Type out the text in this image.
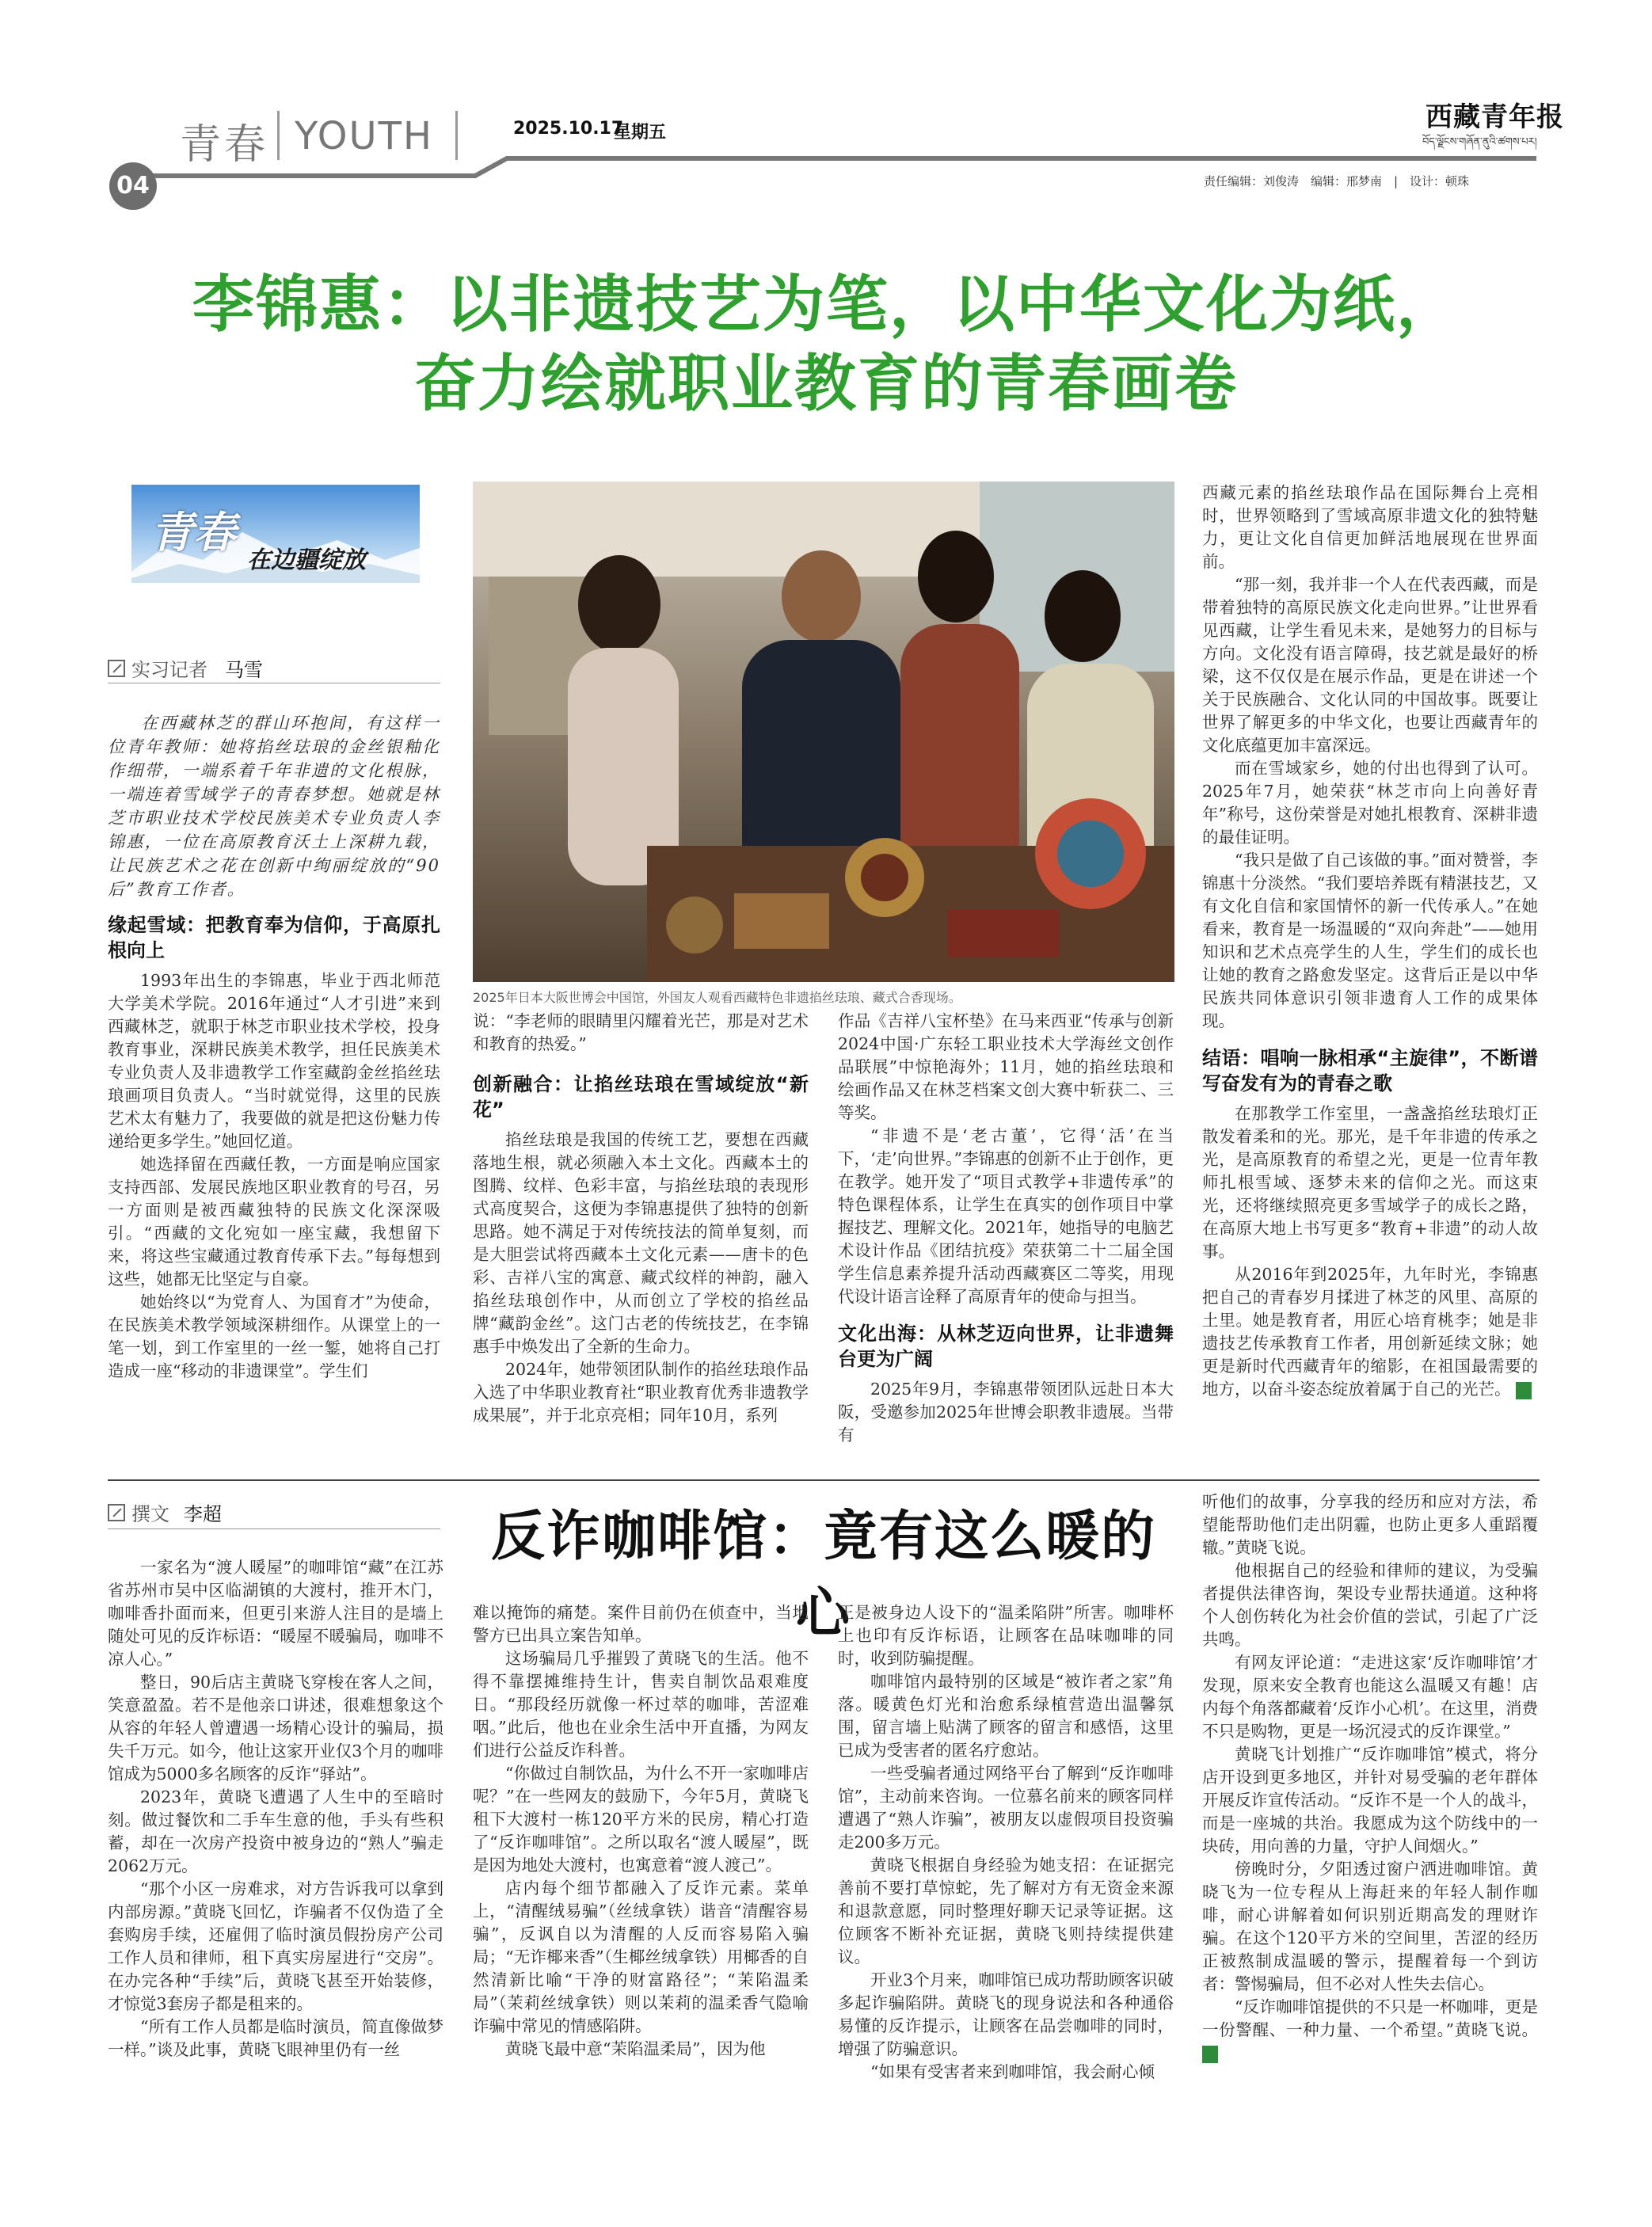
青春 YOUTH	2025.10.17
星期五	西藏青年报
བོད་ལྗོངས་གཞོན་ནུའི་ཚགས་པར།
04	责任编辑：刘俊涛　编辑：邢梦南　|　设计：顿珠
李锦惠：以非遗技艺为笔，以中华文化为纸，
奋力绘就职业教育的青春画卷
青春
在边疆绽放
实习记者 马雪

在西藏林芝的群山环抱间，有这样一位青年教师：她将掐丝珐琅的金丝银釉化作细带，一端系着千年非遗的文化根脉，一端连着雪域学子的青春梦想。她就是林芝市职业技术学校民族美术专业负责人李锦惠，一位在高原教育沃土上深耕九载，让民族艺术之花在创新中绚丽绽放的“90后”教育工作者。

缘起雪域：把教育奉为信仰，于高原扎根向上

1993年出生的李锦惠，毕业于西北师范大学美术学院。2016年通过“人才引进”来到西藏林芝，就职于林芝市职业技术学校，投身教育事业，深耕民族美术教学，担任民族美术专业负责人及非遗教学工作室藏韵金丝掐丝珐琅画项目负责人。“当时就觉得，这里的民族艺术太有魅力了，我要做的就是把这份魅力传递给更多学生。”她回忆道。

她选择留在西藏任教，一方面是响应国家支持西部、发展民族地区职业教育的号召，另一方面则是被西藏独特的民族文化深深吸引。“西藏的文化宛如一座宝藏，我想留下来，将这些宝藏通过教育传承下去。”每每想到这些，她都无比坚定与自豪。

她始终以“为党育人、为国育才”为使命，在民族美术教学领域深耕细作。从课堂上的一笔一划，到工作室里的一丝一錾，她将自己打造成一座“移动的非遗课堂”。学生们

2025年日本大阪世博会中国馆，外国友人观看西藏特色非遗掐丝珐琅、藏式合香现场。

说：“李老师的眼睛里闪耀着光芒，那是对艺术和教育的热爱。”

创新融合：让掐丝珐琅在雪域绽放“新花”

掐丝珐琅是我国的传统工艺，要想在西藏落地生根，就必须融入本土文化。西藏本土的图腾、纹样、色彩丰富，与掐丝珐琅的表现形式高度契合，这便为李锦惠提供了独特的创新思路。她不满足于对传统技法的简单复刻，而是大胆尝试将西藏本土文化元素——唐卡的色彩、吉祥八宝的寓意、藏式纹样的神韵，融入掐丝珐琅创作中，从而创立了学校的掐丝品牌“藏韵金丝”。这门古老的传统技艺，在李锦惠手中焕发出了全新的生命力。

2024年，她带领团队制作的掐丝珐琅作品入选了中华职业教育社“职业教育优秀非遗教学成果展”，并于北京亮相；同年10月，系列

作品《吉祥八宝杯垫》在马来西亚“传承与创新2024中国·广东轻工职业技术大学海丝文创作品联展”中惊艳海外；11月，她的掐丝珐琅和绘画作品又在林芝档案文创大赛中斩获二、三等奖。

“非遗不是‘老古董’，它得‘活’在当下，‘走’向世界。”李锦惠的创新不止于创作，更在教学。她开发了“项目式教学+非遗传承”的特色课程体系，让学生在真实的创作项目中掌握技艺、理解文化。2021年，她指导的电脑艺术设计作品《团结抗疫》荣获第二十二届全国学生信息素养提升活动西藏赛区二等奖，用现代设计语言诠释了高原青年的使命与担当。

文化出海：从林芝迈向世界，让非遗舞台更为广阔

2025年9月，李锦惠带领团队远赴日本大阪，受邀参加2025年世博会职教非遗展。当带有

西藏元素的掐丝珐琅作品在国际舞台上亮相时，世界领略到了雪域高原非遗文化的独特魅力，更让文化自信更加鲜活地展现在世界面前。

“那一刻，我并非一个人在代表西藏，而是带着独特的高原民族文化走向世界。”让世界看见西藏，让学生看见未来，是她努力的目标与方向。文化没有语言障碍，技艺就是最好的桥梁，这不仅仅是在展示作品，更是在讲述一个关于民族融合、文化认同的中国故事。既要让世界了解更多的中华文化，也要让西藏青年的文化底蕴更加丰富深远。

而在雪域家乡，她的付出也得到了认可。2025年7月，她荣获“林芝市向上向善好青年”称号，这份荣誉是对她扎根教育、深耕非遗的最佳证明。

“我只是做了自己该做的事。”面对赞誉，李锦惠十分淡然。“我们要培养既有精湛技艺，又有文化自信和家国情怀的新一代传承人。”在她看来，教育是一场温暖的“双向奔赴”——她用知识和艺术点亮学生的人生，学生们的成长也让她的教育之路愈发坚定。这背后正是以中华民族共同体意识引领非遗育人工作的成果体现。

结语：唱响一脉相承“主旋律”，不断谱写奋发有为的青春之歌

在那教学工作室里，一盏盏掐丝珐琅灯正散发着柔和的光。那光，是千年非遗的传承之光，是高原教育的希望之光，更是一位青年教师扎根雪域、逐梦未来的信仰之光。而这束光，还将继续照亮更多雪域学子的成长之路，在高原大地上书写更多“教育+非遗”的动人故事。

从2016年到2025年，九年时光，李锦惠把自己的青春岁月揉进了林芝的风里、高原的土里。她是教育者，用匠心培育桃李；她是非遗技艺传承教育工作者，用创新延续文脉；她更是新时代西藏青年的缩影，在祖国最需要的地方，以奋斗姿态绽放着属于自己的光芒。	青

撰文 李超	反诈咖啡馆：竟有这么暖的心

一家名为“渡人暖屋”的咖啡馆“藏”在江苏省苏州市吴中区临湖镇的大渡村，推开木门，咖啡香扑面而来，但更引来游人注目的是墙上随处可见的反诈标语：“暖屋不暖骗局，咖啡不凉人心。”

整日，90后店主黄晓飞穿梭在客人之间，笑意盈盈。若不是他亲口讲述，很难想象这个从容的年轻人曾遭遇一场精心设计的骗局，损失千万元。如今，他让这家开业仅3个月的咖啡馆成为5000多名顾客的反诈“驿站”。

2023年，黄晓飞遭遇了人生中的至暗时刻。做过餐饮和二手车生意的他，手头有些积蓄，却在一次房产投资中被身边的“熟人”骗走2062万元。

“那个小区一房难求，对方告诉我可以拿到内部房源。”黄晓飞回忆，诈骗者不仅伪造了全套购房手续，还雇佣了临时演员假扮房产公司工作人员和律师，租下真实房屋进行“交房”。在办完各种“手续”后，黄晓飞甚至开始装修，才惊觉3套房子都是租来的。

“所有工作人员都是临时演员，简直像做梦一样。”谈及此事，黄晓飞眼神里仍有一丝

难以掩饰的痛楚。案件目前仍在侦查中，当地警方已出具立案告知单。

这场骗局几乎摧毁了黄晓飞的生活。他不得不靠摆摊维持生计，售卖自制饮品艰难度日。“那段经历就像一杯过萃的咖啡，苦涩难咽。”此后，他也在业余生活中开直播，为网友们进行公益反诈科普。

“你做过自制饮品，为什么不开一家咖啡店呢？”在一些网友的鼓励下，今年5月，黄晓飞租下大渡村一栋120平方米的民房，精心打造了“反诈咖啡馆”。之所以取名“渡人暖屋”，既是因为地处大渡村，也寓意着“渡人渡己”。

店内每个细节都融入了反诈元素。菜单上，“清醒绒易骗”（丝绒拿铁）谐音“清醒容易骗”，反讽自以为清醒的人反而容易陷入骗局；“无诈椰来香”（生椰丝绒拿铁）用椰香的自然清新比喻“干净的财富路径”；“茉陷温柔局”（茉莉丝绒拿铁）则以茉莉的温柔香气隐喻诈骗中常见的情感陷阱。

黄晓飞最中意“茉陷温柔局”，因为他

正是被身边人设下的“温柔陷阱”所害。咖啡杯上也印有反诈标语，让顾客在品味咖啡的同时，收到防骗提醒。

咖啡馆内最特别的区域是“被诈者之家”角落。暖黄色灯光和治愈系绿植营造出温馨氛围，留言墙上贴满了顾客的留言和感悟，这里已成为受害者的匿名疗愈站。

一些受骗者通过网络平台了解到“反诈咖啡馆”，主动前来咨询。一位慕名前来的顾客同样遭遇了“熟人诈骗”，被朋友以虚假项目投资骗走200多万元。

黄晓飞根据自身经验为她支招：在证据完善前不要打草惊蛇，先了解对方有无资金来源和退款意愿，同时整理好聊天记录等证据。这位顾客不断补充证据，黄晓飞则持续提供建议。

开业3个月来，咖啡馆已成功帮助顾客识破多起诈骗陷阱。黄晓飞的现身说法和各种通俗易懂的反诈提示，让顾客在品尝咖啡的同时，增强了防骗意识。

“如果有受害者来到咖啡馆，我会耐心倾

听他们的故事，分享我的经历和应对方法，希望能帮助他们走出阴霾，也防止更多人重蹈覆辙。”黄晓飞说。

他根据自己的经验和律师的建议，为受骗者提供法律咨询，架设专业帮扶通道。这种将个人创伤转化为社会价值的尝试，引起了广泛共鸣。

有网友评论道：“走进这家‘反诈咖啡馆’才发现，原来安全教育也能这么温暖又有趣！店内每个角落都藏着‘反诈小心机’。在这里，消费不只是购物，更是一场沉浸式的反诈课堂。”

黄晓飞计划推广“反诈咖啡馆”模式，将分店开设到更多地区，并针对易受骗的老年群体开展反诈宣传活动。“反诈不是一个人的战斗，而是一座城的共治。我愿成为这个防线中的一块砖，用向善的力量，守护人间烟火。”

傍晚时分，夕阳透过窗户洒进咖啡馆。黄晓飞为一位专程从上海赶来的年轻人制作咖啡，耐心讲解着如何识别近期高发的理财诈骗。在这个120平方米的空间里，苦涩的经历正被熬制成温暖的警示，提醒着每一个到访者：警惕骗局，但不必对人性失去信心。

“反诈咖啡馆提供的不只是一杯咖啡，更是一份警醒、一种力量、一个希望。”黄晓飞说。 青
